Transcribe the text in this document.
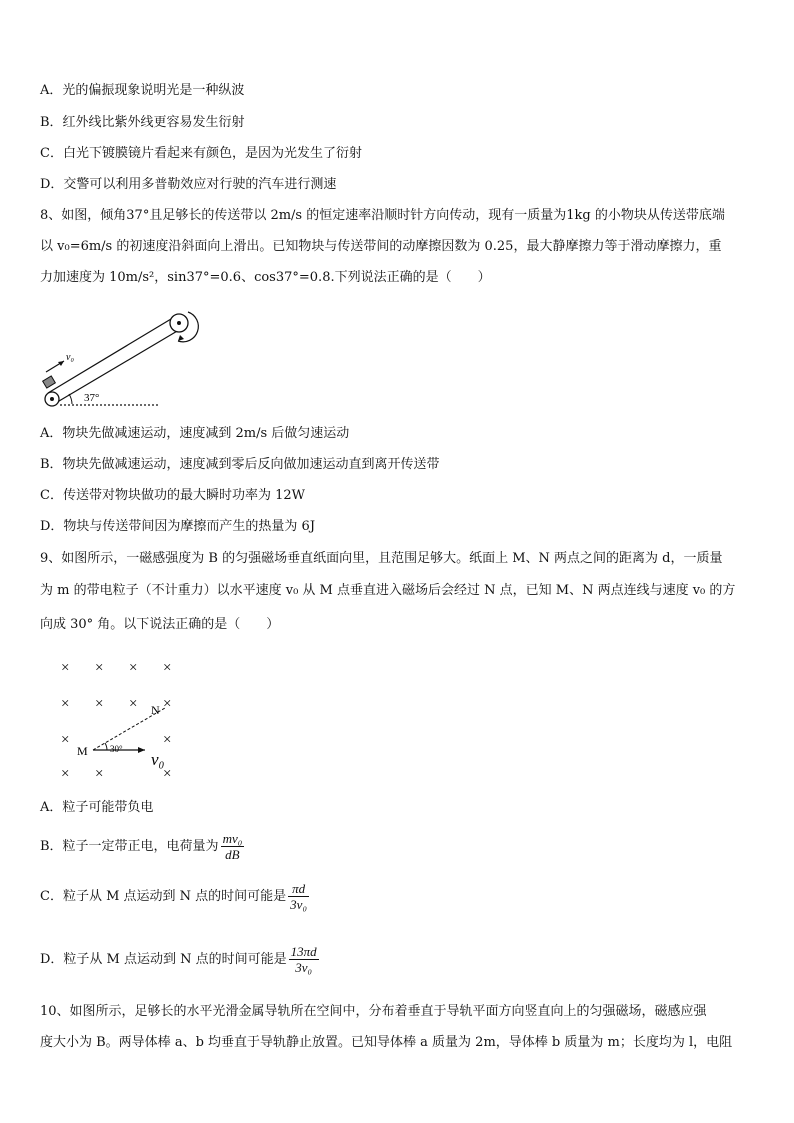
A．光的偏振现象说明光是一种纵波
B．红外线比紫外线更容易发生衍射
C．白光下镀膜镜片看起来有颜色，是因为光发生了衍射
D．交警可以利用多普勒效应对行驶的汽车进行测速
8、如图，倾角37°且足够长的传送带以 2m/s 的恒定速率沿顺时针方向传动，现有一质量为1kg 的小物块从传送带底端
以 v₀=6m/s 的初速度沿斜面向上滑出。已知物块与传送带间的动摩擦因数为 0.25，最大静摩擦力等于滑动摩擦力，重
力加速度为 10m/s²，sin37°=0.6、cos37°=0.8.下列说法正确的是（　　）
v₀
37°
A．物块先做减速运动，速度减到 2m/s 后做匀速运动
B．物块先做减速运动，速度减到零后反向做加速运动直到离开传送带
C．传送带对物块做功的最大瞬时功率为 12W
D．物块与传送带间因为摩擦而产生的热量为 6J
9、如图所示，一磁感强度为 B 的匀强磁场垂直纸面向里，且范围足够大。纸面上 M、N 两点之间的距离为 d，一质量
为 m 的带电粒子（不计重力）以水平速度 v₀ 从 M 点垂直进入磁场后会经过 N 点，已知 M、N 两点连线与速度 v₀ 的方
向成 30° 角。以下说法正确的是（　　）
× × × ×
× × × ×
×	×
× ×	×
M
N
30°
v₀
A．粒子可能带负电
B．粒子一定带正电，电荷量为 $\frac{\text{mv₀}}{dB}$
C．粒子从 M 点运动到 N 点的时间可能是 $\frac{\pi d}{\text{3v₀}}$
D．粒子从 M 点运动到 N 点的时间可能是 $\frac{13\pi d}{\text{3v₀}}$
10、如图所示，足够长的水平光滑金属导轨所在空间中，分布着垂直于导轨平面方向竖直向上的匀强磁场，磁感应强
度大小为 B。两导体棒 a、b 均垂直于导轨静止放置。已知导体棒 a 质量为 2m，导体棒 b 质量为 m；长度均为 l，电阻
